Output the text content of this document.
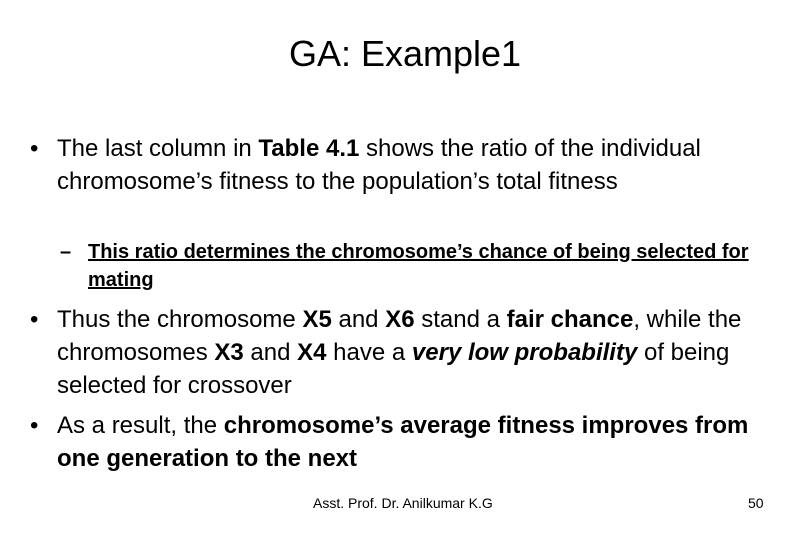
GA: Example1
• The last column in Table 4.1 shows the ratio of the individual chromosome’s fitness to the population’s total fitness
– This ratio determines the chromosome’s chance of being selected for mating
• Thus the chromosome X5 and X6 stand a fair chance, while the chromosomes X3 and X4 have a very low probability of being selected for crossover
• As a result, the chromosome’s average fitness improves from one generation to the next
Asst. Prof. Dr. Anilkumar K.G	50
